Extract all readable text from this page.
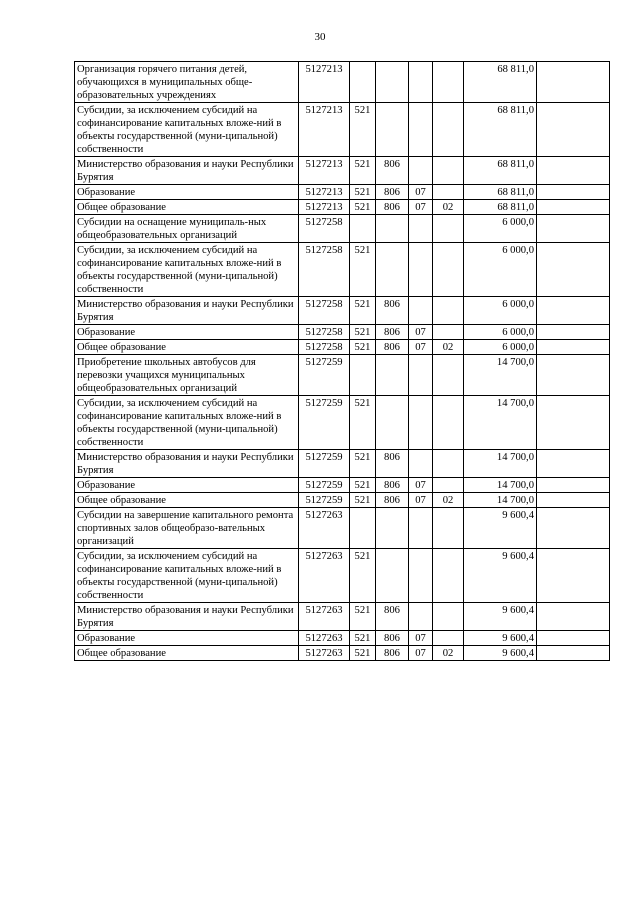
30
Организация горячего питания детей, обучающихся в муниципальных обще-образовательных учреждениях	5127213					68 811,0	
Субсидии, за исключением субсидий на софинансирование капитальных вложе-ний в объекты государственной (муни-ципальной) собственности	5127213	521				68 811,0	
Министерство образования и науки Республики Бурятия	5127213	521	806			68 811,0	
Образование	5127213	521	806	07		68 811,0	
Общее образование	5127213	521	806	07	02	68 811,0	
Субсидии на оснащение муниципаль-ных общеобразовательных организаций	5127258					6 000,0	
Субсидии, за исключением субсидий на софинансирование капитальных вложе-ний в объекты государственной (муни-ципальной) собственности	5127258	521				6 000,0	
Министерство образования и науки Республики Бурятия	5127258	521	806			6 000,0	
Образование	5127258	521	806	07		6 000,0	
Общее образование	5127258	521	806	07	02	6 000,0	
Приобретение школьных автобусов для перевозки учащихся муниципальных общеобразовательных организаций	5127259					14 700,0	
Субсидии, за исключением субсидий на софинансирование капитальных вложе-ний в объекты государственной (муни-ципальной) собственности	5127259	521				14 700,0	
Министерство образования и науки Республики Бурятия	5127259	521	806			14 700,0	
Образование	5127259	521	806	07		14 700,0	
Общее образование	5127259	521	806	07	02	14 700,0	
Субсидии на завершение капитального ремонта спортивных залов общеобразо-вательных организаций	5127263					9 600,4	
Субсидии, за исключением субсидий на софинансирование капитальных вложе-ний в объекты государственной (муни-ципальной) собственности	5127263	521				9 600,4	
Министерство образования и науки Республики Бурятия	5127263	521	806			9 600,4	
Образование	5127263	521	806	07		9 600,4	
Общее образование	5127263	521	806	07	02	9 600,4	
